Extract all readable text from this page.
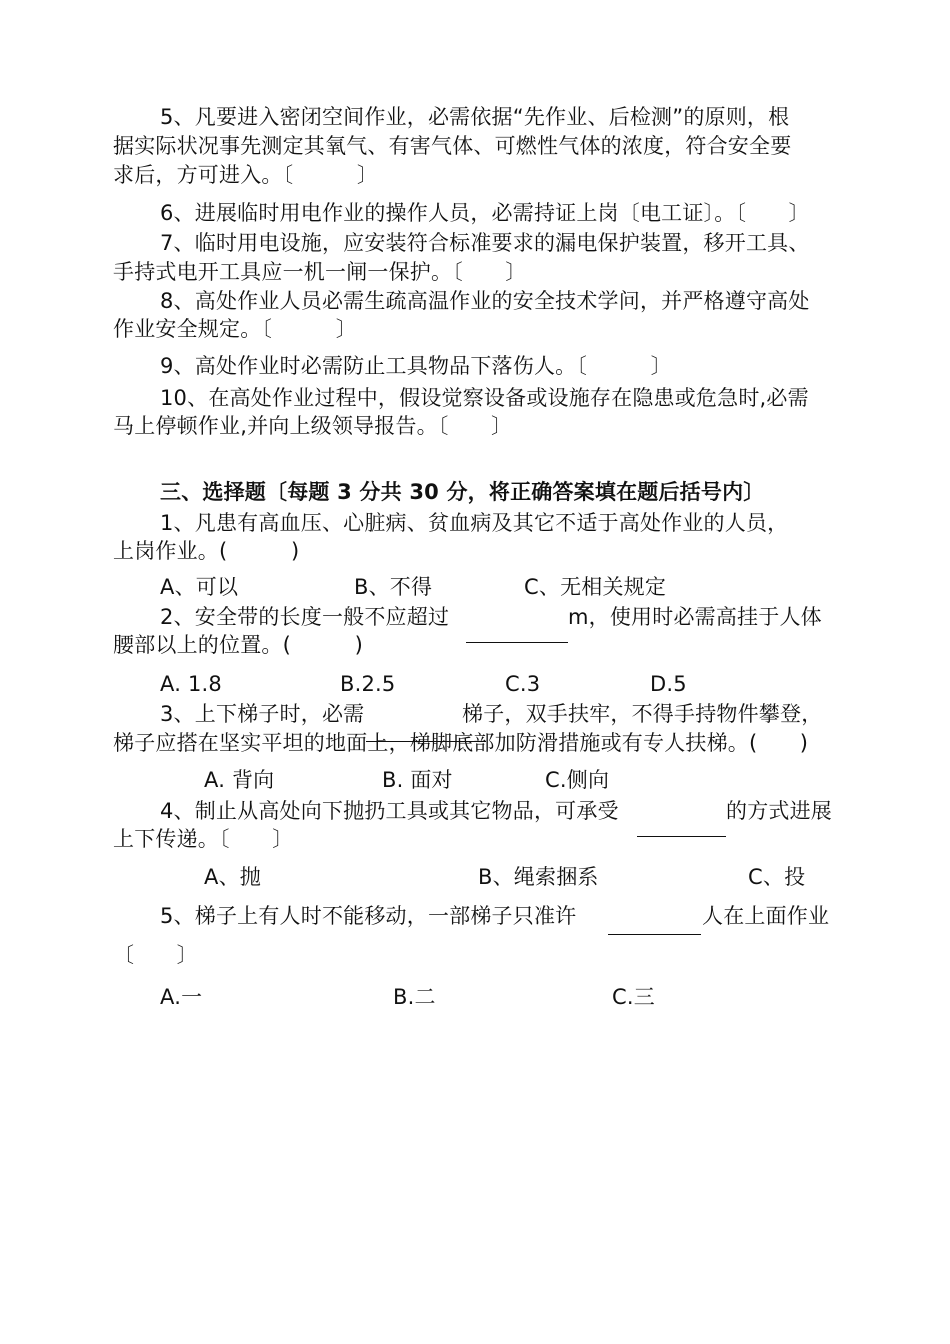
5、凡要进入密闭空间作业，必需依据“先作业、后检测”的原则，根
据实际状况事先测定其氧气、有害气体、可燃性气体的浓度，符合安全要
求后，方可进入。〔　　　〕
6、进展临时用电作业的操作人员，必需持证上岗〔电工证〕。〔　　〕
7、临时用电设施，应安装符合标准要求的漏电保护装置，移开工具、
手持式电开工具应一机一闸一保护。〔　　〕
8、高处作业人员必需生疏高温作业的安全技术学问，并严格遵守高处
作业安全规定。〔　　　〕
9、高处作业时必需防止工具物品下落伤人。〔　　　〕
10、在高处作业过程中，假设觉察设备或设施存在隐患或危急时,必需
马上停顿作业,并向上级领导报告。〔　　〕
三、选择题〔每题 3 分共 30 分，将正确答案填在题后括号内〕
1、凡患有高血压、心脏病、贫血病及其它不适于高处作业的人员，
上岗作业。(　　　)
A、可以	B、不得	C、无相关规定
2、安全带的长度一般不应超过	m，使用时必需高挂于人体
腰部以上的位置。(　　　)
A. 1.8	B.2.5	C.3	D.5
3、上下梯子时，必需	梯子，双手扶牢，不得手持物件攀登，
梯子应搭在坚实平坦的地面上，梯脚底部加防滑措施或有专人扶梯。(　　)
A. 背向	B. 面对	C.侧向
4、制止从高处向下抛扔工具或其它物品，可承受	的方式进展
上下传递。〔　　〕
A、抛	B、绳索捆系	C、投
5、梯子上有人时不能移动，一部梯子只准许	人在上面作业
〔　　〕
A.一	B.二	C.三
